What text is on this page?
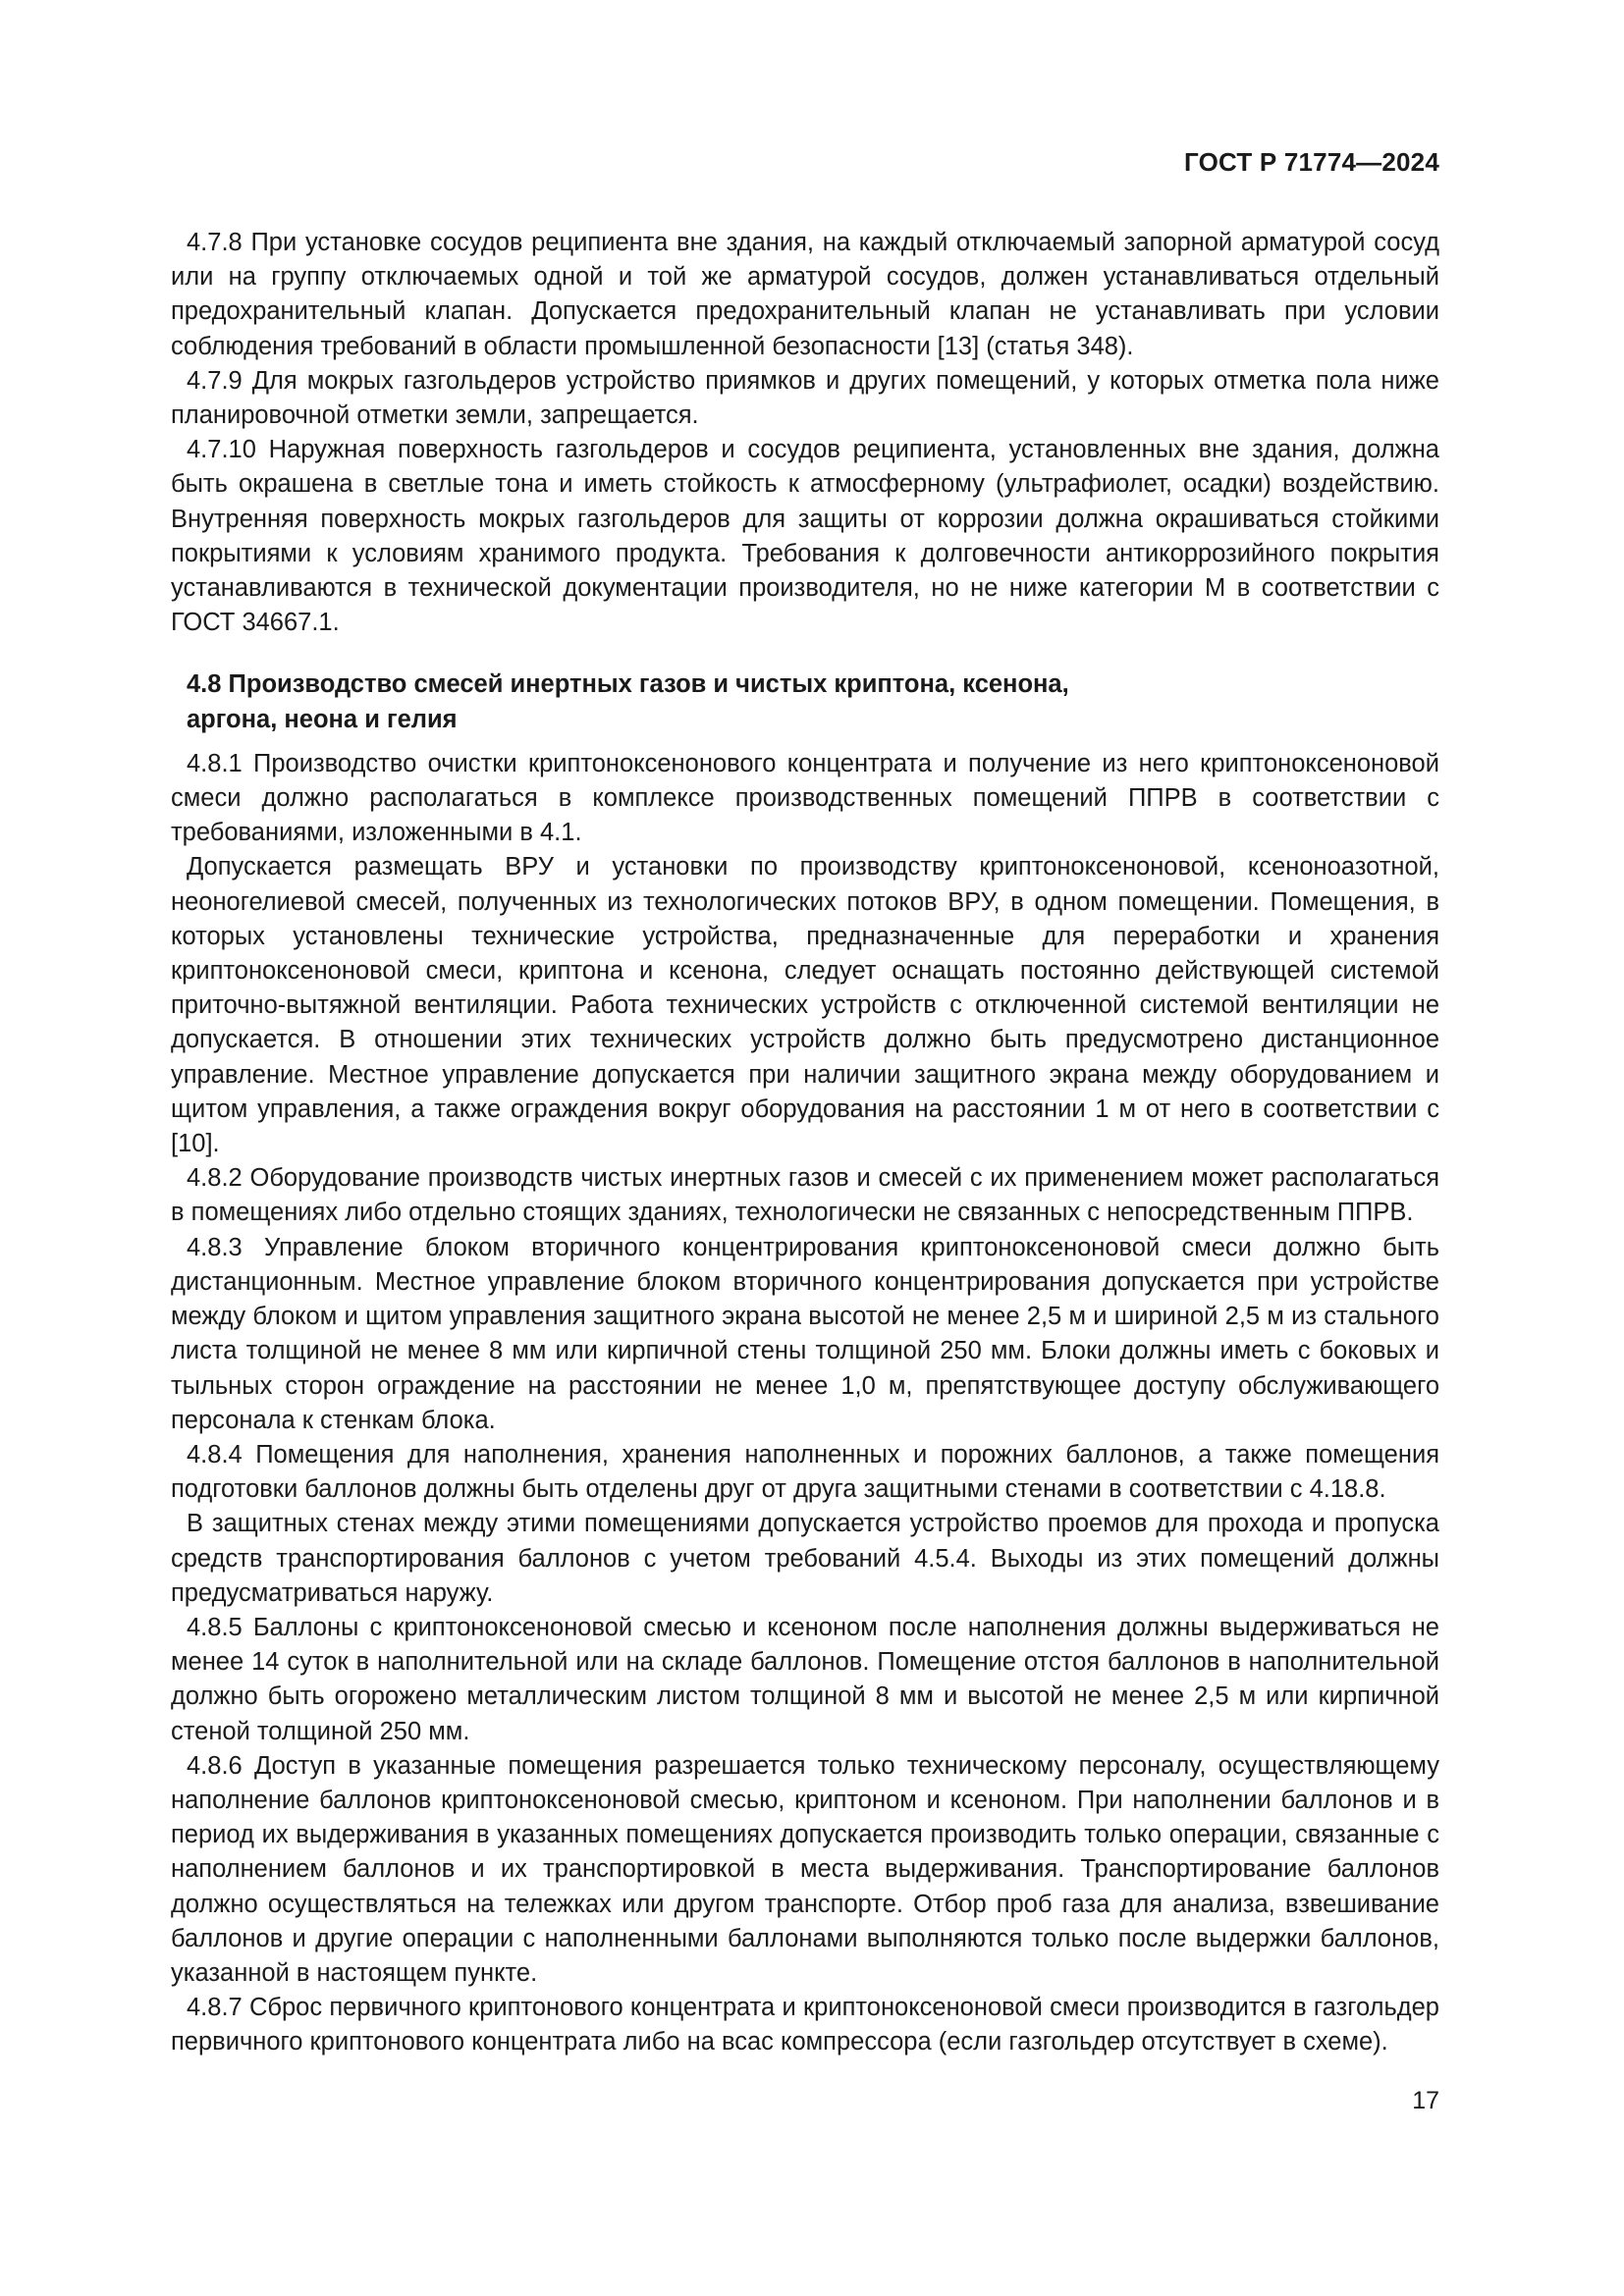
ГОСТ Р 71774—2024

4.7.8 При установке сосудов реципиента вне здания, на каждый отключаемый запорной арматурой сосуд или на группу отключаемых одной и той же арматурой сосудов, должен устанавливаться отдельный предохранительный клапан. Допускается предохранительный клапан не устанавливать при условии соблюдения требований в области промышленной безопасности [13] (статья 348).

4.7.9 Для мокрых газгольдеров устройство приямков и других помещений, у которых отметка пола ниже планировочной отметки земли, запрещается.

4.7.10 Наружная поверхность газгольдеров и сосудов реципиента, установленных вне здания, должна быть окрашена в светлые тона и иметь стойкость к атмосферному (ультрафиолет, осадки) воздействию. Внутренняя поверхность мокрых газгольдеров для защиты от коррозии должна окрашиваться стойкими покрытиями к условиям хранимого продукта. Требования к долговечности антикоррозийного покрытия устанавливаются в технической документации производителя, но не ниже категории М в соответствии с ГОСТ 34667.1.

4.8 Производство смесей инертных газов и чистых криптона, ксенона, аргона, неона и гелия

4.8.1 Производство очистки криптоноксенонового концентрата и получение из него криптоноксеноновой смеси должно располагаться в комплексе производственных помещений ППРВ в соответствии с требованиями, изложенными в 4.1.

Допускается размещать ВРУ и установки по производству криптоноксеноновой, ксеноноазотной, неоногелиевой смесей, полученных из технологических потоков ВРУ, в одном помещении. Помещения, в которых установлены технические устройства, предназначенные для переработки и хранения криптоноксеноновой смеси, криптона и ксенона, следует оснащать постоянно действующей системой приточно-вытяжной вентиляции. Работа технических устройств с отключенной системой вентиляции не допускается. В отношении этих технических устройств должно быть предусмотрено дистанционное управление. Местное управление допускается при наличии защитного экрана между оборудованием и щитом управления, а также ограждения вокруг оборудования на расстоянии 1 м от него в соответствии с [10].

4.8.2 Оборудование производств чистых инертных газов и смесей с их применением может располагаться в помещениях либо отдельно стоящих зданиях, технологически не связанных с непосредственным ППРВ.

4.8.3 Управление блоком вторичного концентрирования криптоноксеноновой смеси должно быть дистанционным. Местное управление блоком вторичного концентрирования допускается при устройстве между блоком и щитом управления защитного экрана высотой не менее 2,5 м и шириной 2,5 м из стального листа толщиной не менее 8 мм или кирпичной стены толщиной 250 мм. Блоки должны иметь с боковых и тыльных сторон ограждение на расстоянии не менее 1,0 м, препятствующее доступу обслуживающего персонала к стенкам блока.

4.8.4 Помещения для наполнения, хранения наполненных и порожних баллонов, а также помещения подготовки баллонов должны быть отделены друг от друга защитными стенами в соответствии с 4.18.8.

В защитных стенах между этими помещениями допускается устройство проемов для прохода и пропуска средств транспортирования баллонов с учетом требований 4.5.4. Выходы из этих помещений должны предусматриваться наружу.

4.8.5 Баллоны с криптоноксеноновой смесью и ксеноном после наполнения должны выдерживаться не менее 14 суток в наполнительной или на складе баллонов. Помещение отстоя баллонов в наполнительной должно быть огорожено металлическим листом толщиной 8 мм и высотой не менее 2,5 м или кирпичной стеной толщиной 250 мм.

4.8.6 Доступ в указанные помещения разрешается только техническому персоналу, осуществляющему наполнение баллонов криптоноксеноновой смесью, криптоном и ксеноном. При наполнении баллонов и в период их выдерживания в указанных помещениях допускается производить только операции, связанные с наполнением баллонов и их транспортировкой в места выдерживания. Транспортирование баллонов должно осуществляться на тележках или другом транспорте. Отбор проб газа для анализа, взвешивание баллонов и другие операции с наполненными баллонами выполняются только после выдержки баллонов, указанной в настоящем пункте.

4.8.7 Сброс первичного криптонового концентрата и криптоноксеноновой смеси производится в газгольдер первичного криптонового концентрата либо на всас компрессора (если газгольдер отсутствует в схеме).

17
